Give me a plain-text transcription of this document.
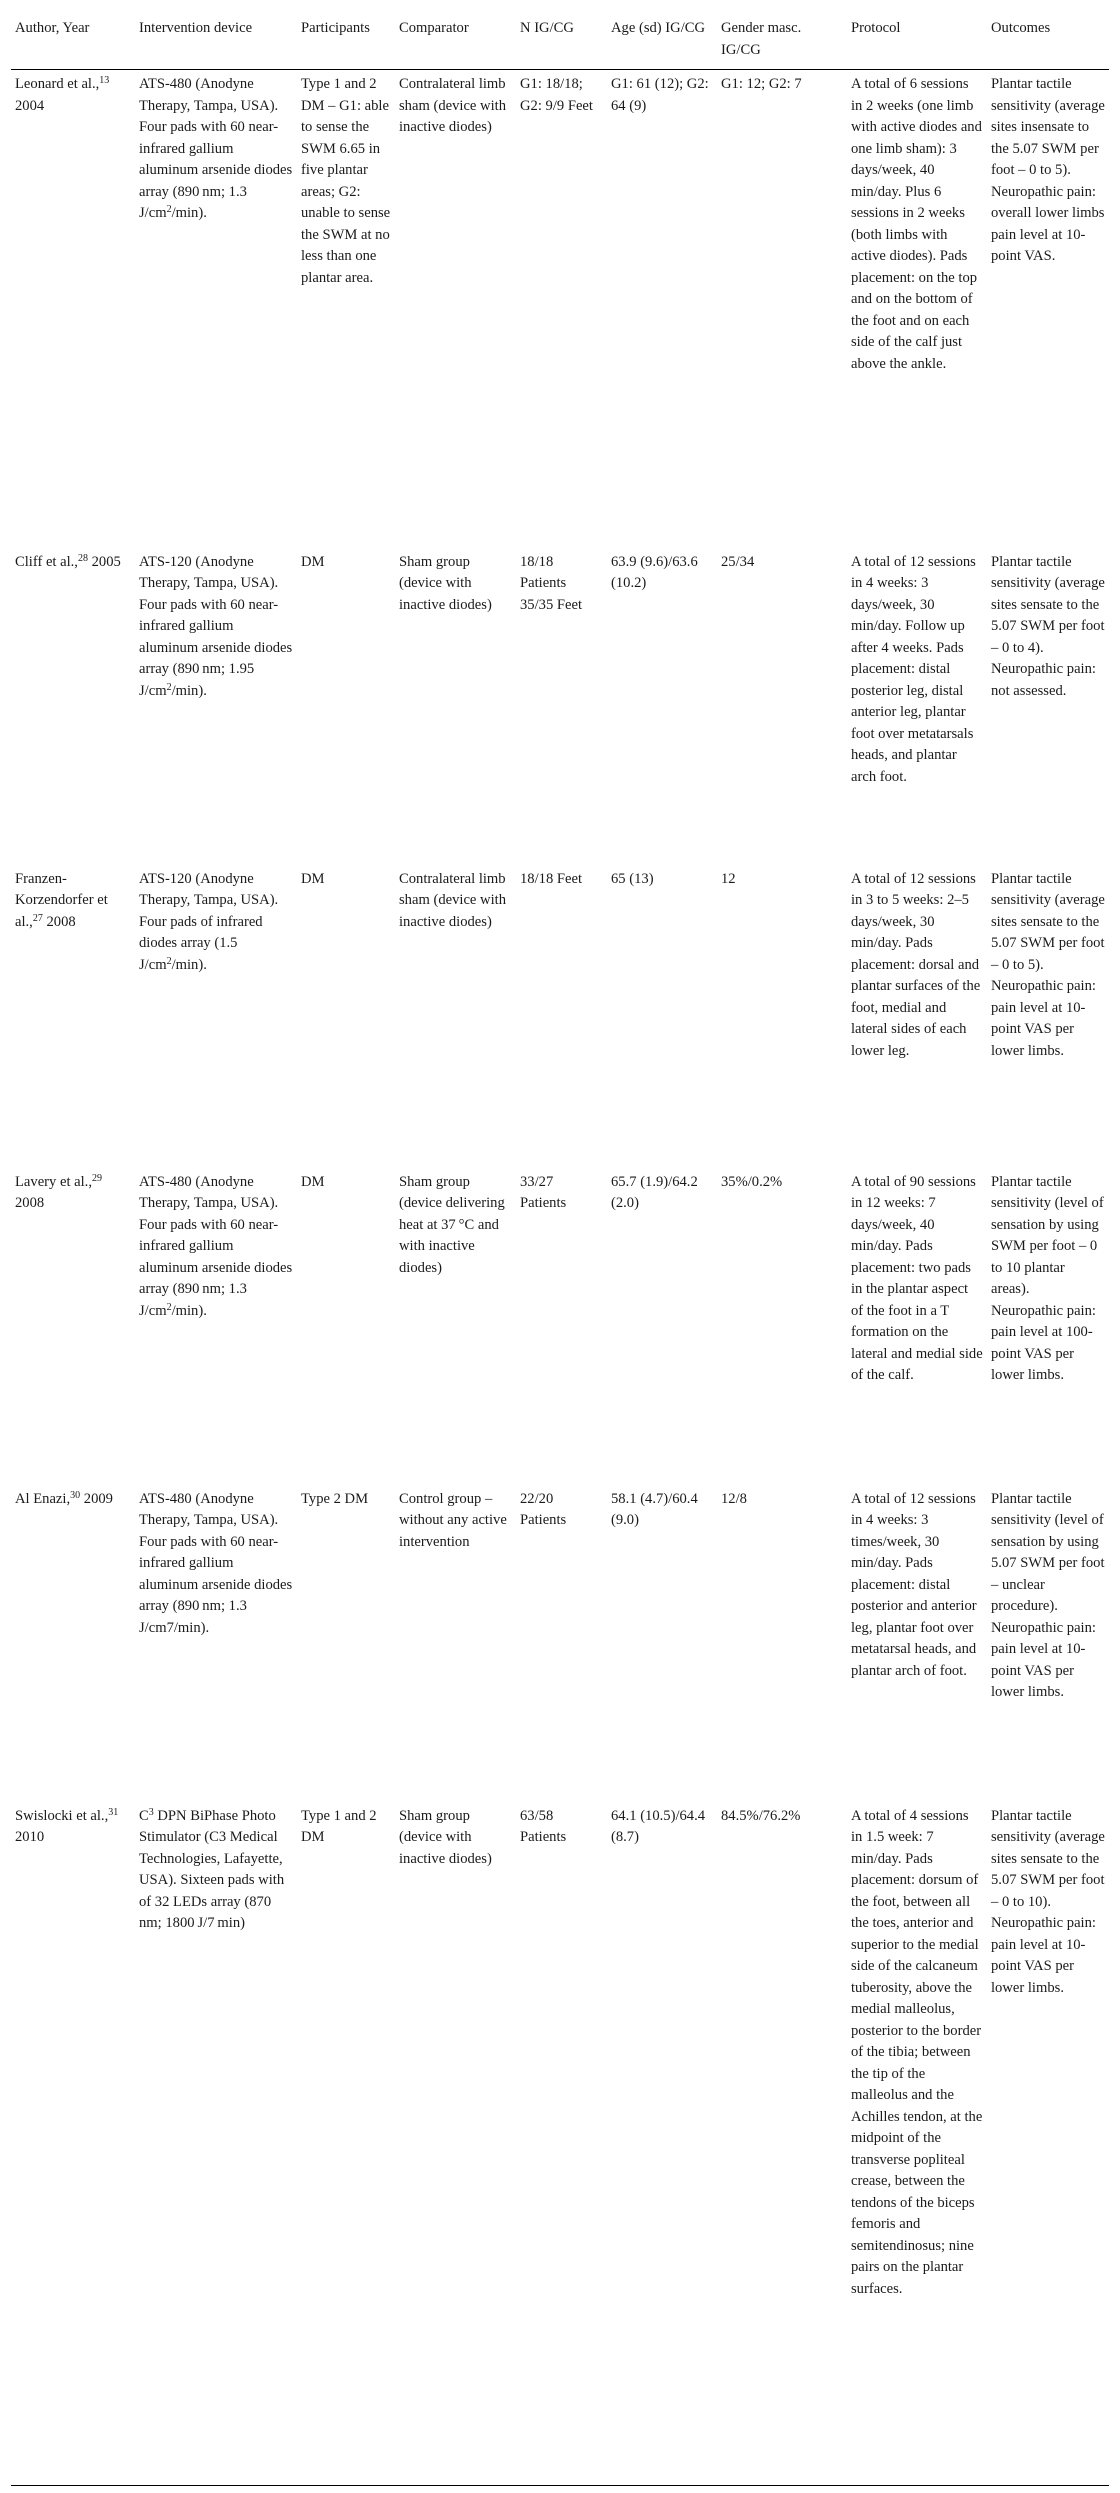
Author, Year	Intervention device	Participants	Comparator	N IG/CG	Age (sd) IG/CG	Gender masc. IG/CG	Protocol	Outcomes
Leonard et al.,$^{13}$ 2004	ATS-480 (Anodyne Therapy, Tampa, USA). Four pads with 60 near-infrared gallium aluminum arsenide diodes array (890 nm; 1.3 $J/cm^2/\min$).	Type 1 and 2 DM – G1: able to sense the SWM 6.65 in five plantar areas; G2: unable to sense the SWM at no less than one plantar area.	Contralateral limb sham (device with inactive diodes)	G1: 18/18; G2: 9/9 Feet	G1: 61 (12); G2: 64 (9)	G1: 12; G2: 7	A total of 6 sessions in 2 weeks (one limb with active diodes and one limb sham): 3 days/week, 40 min/day. Plus 6 sessions in 2 weeks (both limbs with active diodes). Pads placement: on the top and on the bottom of the foot and on each side of the calf just above the ankle.	Plantar tactile sensitivity (average sites insensate to the 5.07 SWM per foot – 0 to 5). Neuropathic pain: overall lower limbs pain level at 10-point VAS.
Cliff et al.,$^{28}$ 2005	ATS-120 (Anodyne Therapy, Tampa, USA). Four pads with 60 near-infrared gallium aluminum arsenide diodes array (890 nm; 1.95 $J/cm^2/\min$).	DM	Sham group (device with inactive diodes)	18/18 Patients 35/35 Feet	63.9 (9.6)/63.6 (10.2)	25/34	A total of 12 sessions in 4 weeks: 3 days/week, 30 min/day. Follow up after 4 weeks. Pads placement: distal posterior leg, distal anterior leg, plantar foot over metatarsals heads, and plantar arch foot.	Plantar tactile sensitivity (average sites sensate to the 5.07 SWM per foot – 0 to 4). Neuropathic pain: not assessed.
Franzen-Korzendorfer et al.,$^{27}$ 2008	ATS-120 (Anodyne Therapy, Tampa, USA). Four pads of infrared diodes array (1.5 $J/cm^2/\min$).	DM	Contralateral limb sham (device with inactive diodes)	18/18 Feet	65 (13)	12	A total of 12 sessions in 3 to 5 weeks: 2–5 days/week, 30 min/day. Pads placement: dorsal and plantar surfaces of the foot, medial and lateral sides of each lower leg.	Plantar tactile sensitivity (average sites sensate to the 5.07 SWM per foot – 0 to 5). Neuropathic pain: pain level at 10-point VAS per lower limbs.
Lavery et al.,$^{29}$ 2008	ATS-480 (Anodyne Therapy, Tampa, USA). Four pads with 60 near-infrared gallium aluminum arsenide diodes array (890 nm; 1.3 $J/cm^2/\min$).	DM	Sham group (device delivering heat at 37 °C and with inactive diodes)	33/27 Patients	65.7 (1.9)/64.2 (2.0)	35%/0.2%	A total of 90 sessions in 12 weeks: 7 days/week, 40 min/day. Pads placement: two pads in the plantar aspect of the foot in a T formation on the lateral and medial side of the calf.	Plantar tactile sensitivity (level of sensation by using SWM per foot – 0 to 10 plantar areas). Neuropathic pain: pain level at 100-point VAS per lower limbs.
Al Enazi,$^{30}$ 2009	ATS-480 (Anodyne Therapy, Tampa, USA). Four pads with 60 near-infrared gallium aluminum arsenide diodes array (890 nm; 1.3 J/cm7/min).	Type 2 DM	Control group – without any active intervention	22/20 Patients	58.1 (4.7)/60.4 (9.0)	12/8	A total of 12 sessions in 4 weeks: 3 times/week, 30 min/day. Pads placement: distal posterior and anterior leg, plantar foot over metatarsal heads, and plantar arch of foot.	Plantar tactile sensitivity (level of sensation by using 5.07 SWM per foot – unclear procedure). Neuropathic pain: pain level at 10-point VAS per lower limbs.
Swislocki et al.,$^{31}$ 2010	$C^3$ DPN BiPhase Photo Stimulator (C3 Medical Technologies, Lafayette, USA). Sixteen pads with of 32 LEDs array (870 nm; 1800 J/7 min)	Type 1 and 2 DM	Sham group (device with inactive diodes)	63/58 Patients	64.1 (10.5)/64.4 (8.7)	84.5%/76.2%	A total of 4 sessions in 1.5 week: 7 min/day. Pads placement: dorsum of the foot, between all the toes, anterior and superior to the medial side of the calcaneum tuberosity, above the medial malleolus, posterior to the border of the tibia; between the tip of the malleolus and the Achilles tendon, at the midpoint of the transverse popliteal crease, between the tendons of the biceps femoris and semitendinosus; nine pairs on the plantar surfaces.	Plantar tactile sensitivity (average sites sensate to the 5.07 SWM per foot – 0 to 10). Neuropathic pain: pain level at 10-point VAS per lower limbs.
